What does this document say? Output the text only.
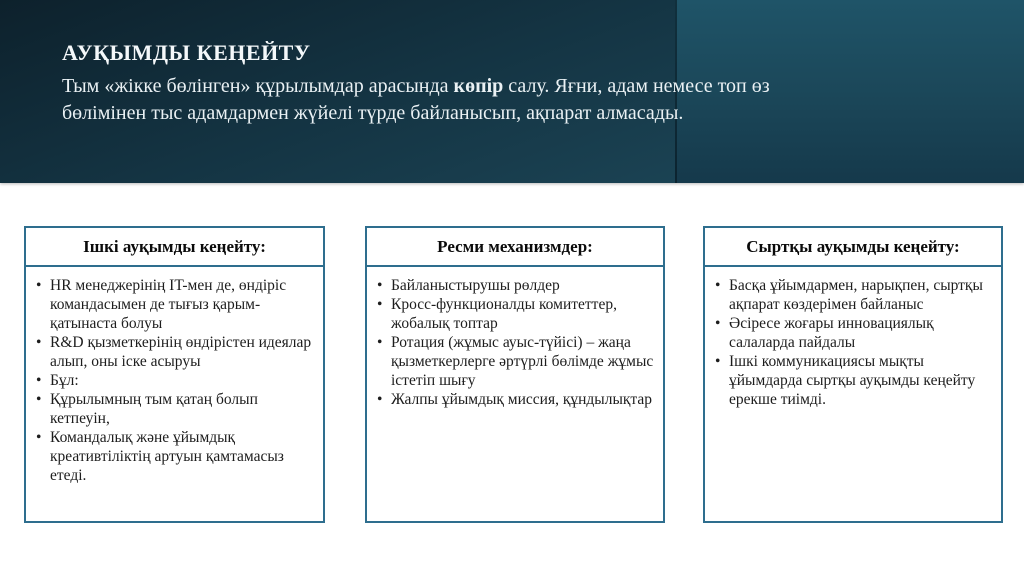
АУҚЫМДЫ КЕҢЕЙТУ

Тым «жікке бөлінген» құрылымдар арасында көпір салу. Яғни, адам немесе топ өз
бөлімінен тыс адамдармен жүйелі түрде байланысып, ақпарат алмасады.

Ішкі ауқымды кеңейту:
• HR менеджерінің IT-мен де, өндіріс командасымен де тығыз қарым-қатынаста болуы
• R&D қызметкерінің өндірістен идеялар алып, оны іске асыруы
• Бұл:
• Құрылымның тым қатаң болып кетпеуін,
• Командалық және ұйымдық креативтіліктің артуын қамтамасыз етеді.
Ресми механизмдер:
• Байланыстырушы рөлдер
• Кросс-функционалды комитеттер, жобалық топтар
• Ротация (жұмыс ауыс-түйісі) – жаңа қызметкерлерге әртүрлі бөлімде жұмыс істетіп шығу
• Жалпы ұйымдық миссия, құндылықтар
Сыртқы ауқымды кеңейту:
• Басқа ұйымдармен, нарықпен, сыртқы ақпарат көздерімен байланыс
• Әсіресе жоғары инновациялық салаларда пайдалы
• Ішкі коммуникациясы мықты ұйымдарда сыртқы ауқымды кеңейту ерекше тиімді.
